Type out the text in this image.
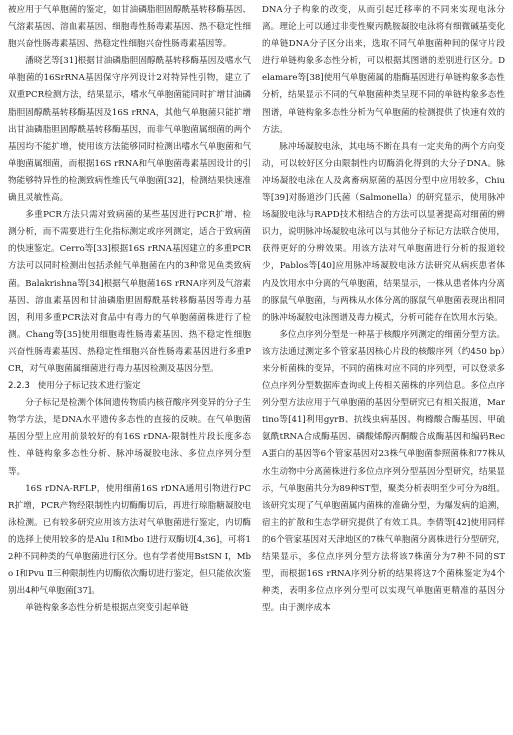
被应用于气单胞菌的鉴定，如甘油磷脂胆固醇酰基转移酶基因、气溶素基因、溶血素基因、细胞毒性肠毒素基因、热不稳定性细胞兴奋性肠毒素基因、热稳定性细胞兴奋性肠毒素基因等。

潘晓艺等[31]根据甘油磷脂胆固醇酰基转移酶基因及嗜水气单胞菌的16SrRNA基因保守序列设计2对特异性引物，建立了双重PCR检测方法，结果显示，嗜水气单胞菌能同时扩增甘油磷脂胆固醇酰基转移酶基因及16S rRNA，其他气单胞菌只能扩增出甘油磷脂胆固醇酰基转移酶基因，而非气单胞菌属细菌的两个基因均不能扩增，使用该方法能够同时检测出嗜水气单胞菌和气单胞菌属细菌，而根据16S rRNA和气单胞菌毒素基因设计的引物能够特异性的检测致病性维氏气单胞菌[32]，检测结果快速准确且灵敏性高。

多重PCR方法只需对致病菌的某些基因进行PCR扩增、检测分析，而不需要进行生化指标测定或序列测定，适合于致病菌的快速鉴定。Cerro等[33]根据16S rRNA基因建立的多重PCR方法可以同时检测出包括杀鲑气单胞菌在内的3种常见鱼类致病菌。Balakrishna等[34]根据气单胞菌16S rRNA序列及气溶素基因、溶血素基因和甘油磷脂胆固醇酰基转移酶基因等毒力基因，利用多重PCR法对食品中有毒力的气单胞菌菌株进行了检测。Chang等[35]使用细胞毒性肠毒素基因、热不稳定性细胞兴奋性肠毒素基因、热稳定性细胞兴奋性肠毒素基因进行多重PCR，对气单胞菌属细菌进行毒力基因检测及基因分型。

2.2.3 使用分子标记技术进行鉴定

分子标记是检测个体间遗传物质内核苷酸序列变异的分子生物学方法，是DNA水平遗传多态性的直接的反映。在气单胞菌基因分型上应用前景较好的有16S rDNA-限制性片段长度多态性、单链构象多态性分析、脉冲场凝胶电泳、多位点序列分型等。

16S rDNA-RFLP，使用细菌16S rDNA通用引物进行PCR扩增，PCR产物经限制性内切酶酶切后，再进行琼脂糖凝胶电泳检测。已有较多研究应用该方法对气单胞菌进行鉴定，内切酶的选择上使用较多的是Alu Ⅰ和Mbo Ⅰ进行双酶切[4,36]，可将12种不同种类的气单胞菌进行区分。也有学者使用BstSN Ⅰ，Mbo Ⅰ和Pvu Ⅱ三种限制性内切酶依次酶切进行鉴定，但只能依次鉴别出4种气单胞菌[37]。

单链构象多态性分析是根据点突变引起单链

DNA分子构象的改变，从而引起迁移率的不同来实现电泳分离。理论上可以通过非变性聚丙酰胺凝胶电泳将有细微碱基变化的单链DNA分子区分出来，选取不同气单胞菌种间的保守片段进行单链构象多态性分析，可以根据其图谱的差别进行区分。Delamare等[38]使用气单胞菌属的脂酶基因进行单链构象多态性分析，结果显示不同的气单胞菌种类呈现不同的单链构象多态性图谱，单链构象多态性分析为气单胞菌的检测提供了快速有效的方法。

脉冲场凝胶电泳，其电场不断在具有一定夹角的两个方向变动，可以较好区分由限制性内切酶消化得到的大分子DNA。脉冲场凝胶电泳在人及禽畜病原菌的基因分型中应用较多，Chiu等[39]对肠道沙门氏菌（Salmonella）的研究显示，使用脉冲场凝胶电泳与RAPD技术相结合的方法可以显著提高对细菌的辨识力，说明脉冲场凝胶电泳可以与其他分子标记方法联合使用，获得更好的分辨效果。用该方法对气单胞菌进行分析的报道较少，Pablos等[40]应用脉冲场凝胶电泳方法研究从病疾患者体内及饮用水中分离的气单胞菌，结果显示，一株从患者体内分离的豚鼠气单胞菌，与两株从水体分离的豚鼠气单胞菌表现出相同的脉冲场凝胶电泳图谱及毒力模式，分析可能存在饮用水污染。

多位点序列分型是一种基于核酸序列测定的细菌分型方法。该方法通过测定多个管家基因核心片段的核酸序列（约450 bp）来分析菌株的变异，不同的菌株对应不同的序列型，可以登录多位点序列分型数据库查询或上传相关菌株的序列信息。多位点序列分型方法应用于气单胞菌的基因分型研究已有相关报道，Martino等[41]利用gyrB、抗线虫病基因、枸橼酸合酶基因、甲硫氨酰tRNA合成酶基因、磷酸烯醇丙酮酸合成酶基因和编码RecA蛋白的基因等6个管家基因对23株气单胞菌参照菌株和77株从水生动物中分离菌株进行多位点序列分型基因分型研究，结果显示，气单胞菌共分为89种ST型，聚类分析表明至少可分为8组。该研究实现了气单胞菌属内菌株的准确分型，为爆发病的追溯，宿主的扩散和生态学研究提供了有效工具。李倩等[42]使用同样的6个管家基因对天津地区的7株气单胞菌分离株进行分型研究，结果显示，多位点序列分型方法将该7株菌分为7种不同的ST型，而根据16S rRNA序列分析的结果将这7个菌株鉴定为4个种类，表明多位点序列分型可以实现气单胞菌更精准的基因分型。由于测序成本
